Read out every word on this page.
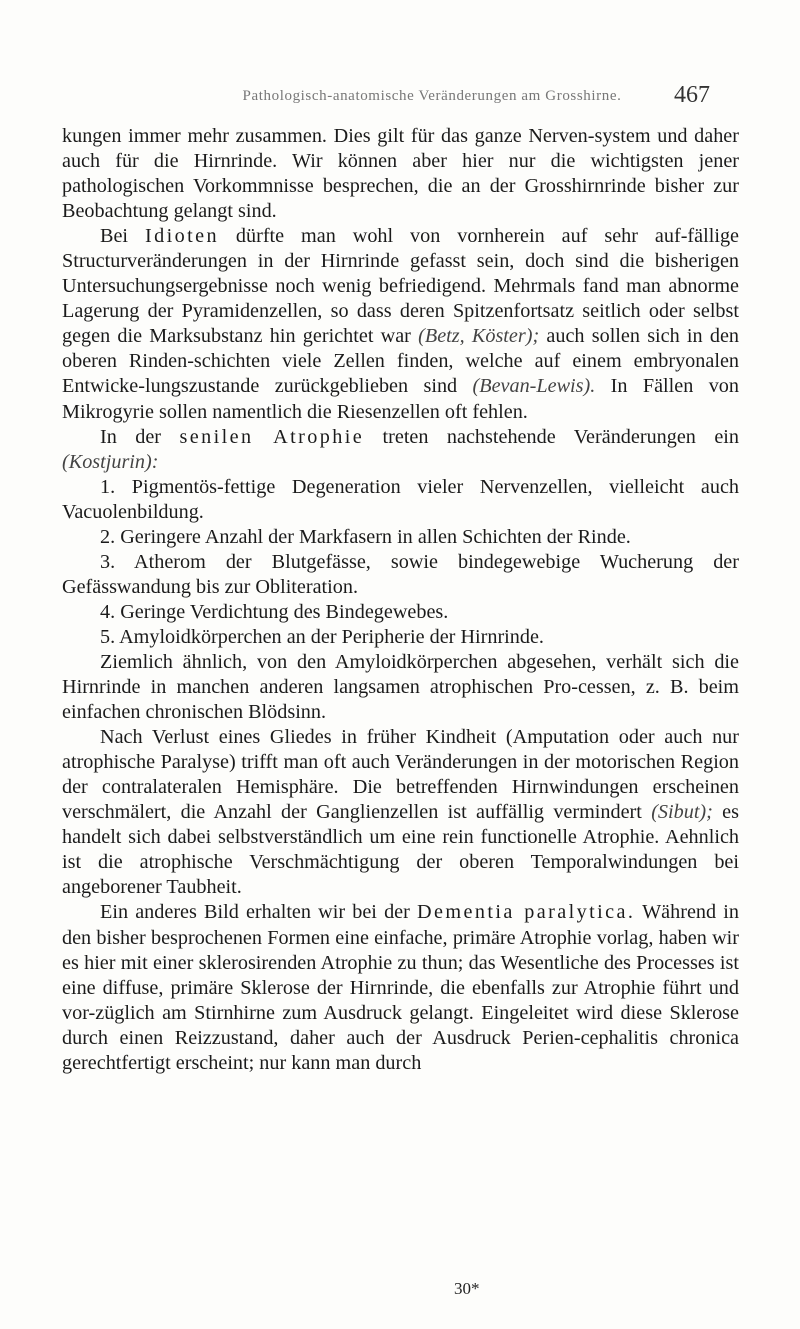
Pathologisch-anatomische Veränderungen am Grosshirne.	467

kungen immer mehr zusammen. Dies gilt für das ganze Nerven-system und daher auch für die Hirnrinde. Wir können aber hier nur die wichtigsten jener pathologischen Vorkommnisse besprechen, die an der Grosshirnrinde bisher zur Beobachtung gelangt sind.

Bei Idioten dürfte man wohl von vornherein auf sehr auf-fällige Structurveränderungen in der Hirnrinde gefasst sein, doch sind die bisherigen Untersuchungsergebnisse noch wenig befriedigend. Mehrmals fand man abnorme Lagerung der Pyramidenzellen, so dass deren Spitzenfortsatz seitlich oder selbst gegen die Marksubstanz hin gerichtet war (Betz, Köster); auch sollen sich in den oberen Rinden-schichten viele Zellen finden, welche auf einem embryonalen Entwicke-lungszustande zurückgeblieben sind (Bevan-Lewis). In Fällen von Mikrogyrie sollen namentlich die Riesenzellen oft fehlen.

In der senilen Atrophie treten nachstehende Veränderungen ein (Kostjurin):

1. Pigmentös-fettige Degeneration vieler Nervenzellen, vielleicht auch Vacuolenbildung.

2. Geringere Anzahl der Markfasern in allen Schichten der Rinde.

3. Atherom der Blutgefässe, sowie bindegewebige Wucherung der Gefässwandung bis zur Obliteration.

4. Geringe Verdichtung des Bindegewebes.

5. Amyloidkörperchen an der Peripherie der Hirnrinde.

Ziemlich ähnlich, von den Amyloidkörperchen abgesehen, verhält sich die Hirnrinde in manchen anderen langsamen atrophischen Pro-cessen, z. B. beim einfachen chronischen Blödsinn.

Nach Verlust eines Gliedes in früher Kindheit (Amputation oder auch nur atrophische Paralyse) trifft man oft auch Veränderungen in der motorischen Region der contralateralen Hemisphäre. Die betreffenden Hirnwindungen erscheinen verschmälert, die Anzahl der Ganglienzellen ist auffällig vermindert (Sibut); es handelt sich dabei selbstverständlich um eine rein functionelle Atrophie. Aehnlich ist die atrophische Verschmächtigung der oberen Temporalwindungen bei angeborener Taubheit.

Ein anderes Bild erhalten wir bei der Dementia paralytica. Während in den bisher besprochenen Formen eine einfache, primäre Atrophie vorlag, haben wir es hier mit einer sklerosirenden Atrophie zu thun; das Wesentliche des Processes ist eine diffuse, primäre Sklerose der Hirnrinde, die ebenfalls zur Atrophie führt und vor-züglich am Stirnhirne zum Ausdruck gelangt. Eingeleitet wird diese Sklerose durch einen Reizzustand, daher auch der Ausdruck Perien-cephalitis chronica gerechtfertigt erscheint; nur kann man durch

30*
